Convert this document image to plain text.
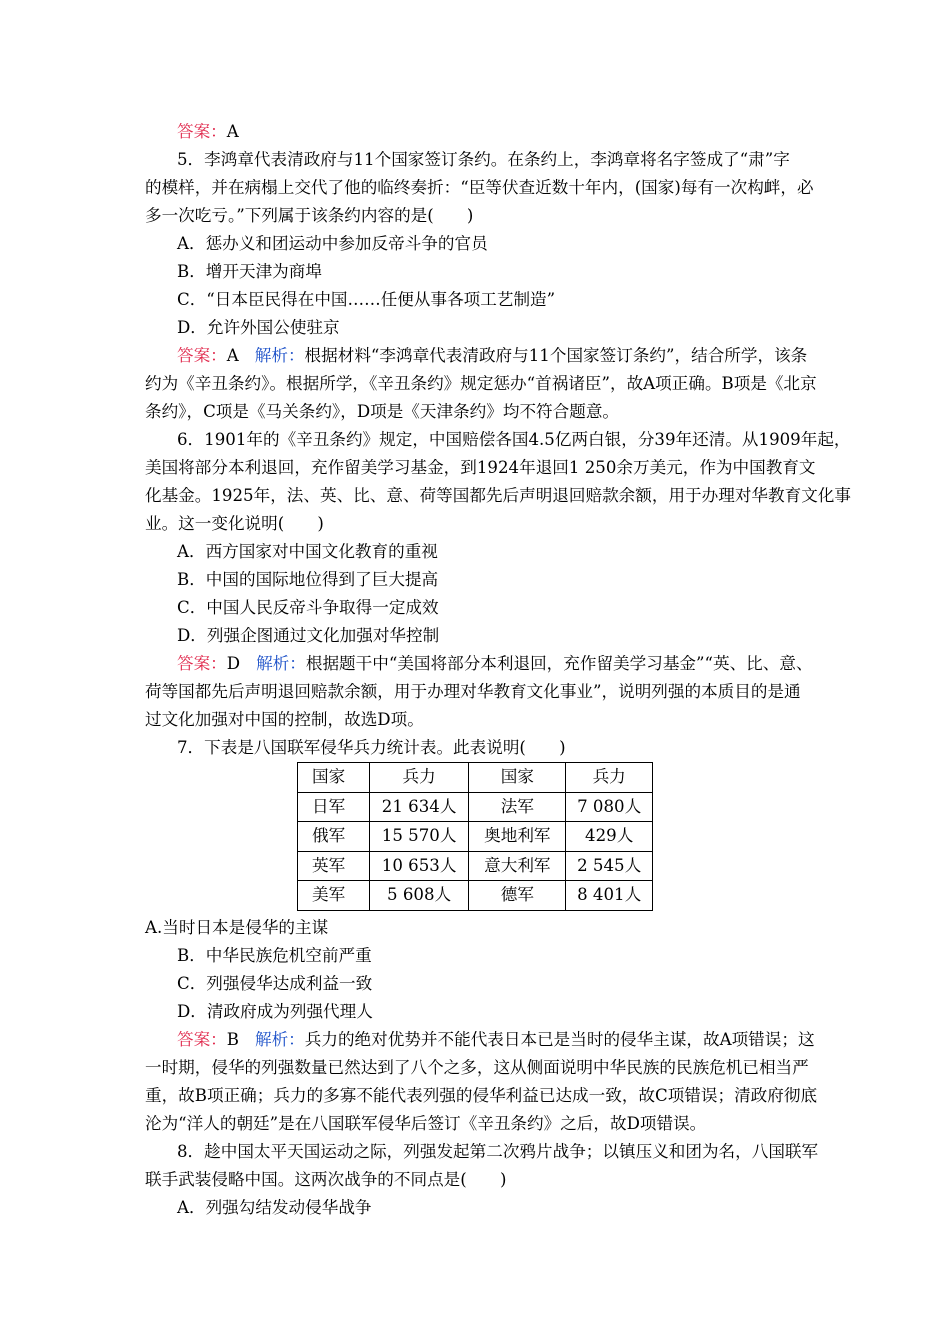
答案：A
5．李鸿章代表清政府与11个国家签订条约。在条约上，李鸿章将名字签成了“肃”字
的模样，并在病榻上交代了他的临终奏折：“臣等伏查近数十年内，(国家)每有一次构衅，必
多一次吃亏。”下列属于该条约内容的是(　　)
A．惩办义和团运动中参加反帝斗争的官员
B．增开天津为商埠
C．“日本臣民得在中国……任便从事各项工艺制造”
D．允许外国公使驻京
答案：A 解析：根据材料“李鸿章代表清政府与11个国家签订条约”，结合所学，该条
约为《辛丑条约》。根据所学，《辛丑条约》规定惩办“首祸诸臣”，故A项正确。B项是《北京
条约》，C项是《马关条约》，D项是《天津条约》均不符合题意。
6．1901年的《辛丑条约》规定，中国赔偿各国4.5亿两白银，分39年还清。从1909年起，
美国将部分本利退回，充作留美学习基金，到1924年退回1 250余万美元，作为中国教育文
化基金。1925年，法、英、比、意、荷等国都先后声明退回赔款余额，用于办理对华教育文化事
业。这一变化说明(　　)
A．西方国家对中国文化教育的重视
B．中国的国际地位得到了巨大提高
C．中国人民反帝斗争取得一定成效
D．列强企图通过文化加强对华控制
答案：D 解析：根据题干中“美国将部分本利退回，充作留美学习基金”“英、比、意、
荷等国都先后声明退回赔款余额，用于办理对华教育文化事业”，说明列强的本质目的是通
过文化加强对中国的控制，故选D项。
7．下表是八国联军侵华兵力统计表。此表说明(　　)
国家	兵力	国家	兵力
日军	21 634人	法军	7 080人
俄军	15 570人	奥地利军	429人
英军	10 653人	意大利军	2 545人
美军	5 608人	德军	8 401人
A.当时日本是侵华的主谋
B．中华民族危机空前严重
C．列强侵华达成利益一致
D．清政府成为列强代理人
答案：B 解析：兵力的绝对优势并不能代表日本已是当时的侵华主谋，故A项错误；这
一时期，侵华的列强数量已然达到了八个之多，这从侧面说明中华民族的民族危机已相当严
重，故B项正确；兵力的多寡不能代表列强的侵华利益已达成一致，故C项错误；清政府彻底
沦为“洋人的朝廷”是在八国联军侵华后签订《辛丑条约》之后，故D项错误。
8．趁中国太平天国运动之际，列强发起第二次鸦片战争；以镇压义和团为名，八国联军
联手武装侵略中国。这两次战争的不同点是(　　)
A．列强勾结发动侵华战争
